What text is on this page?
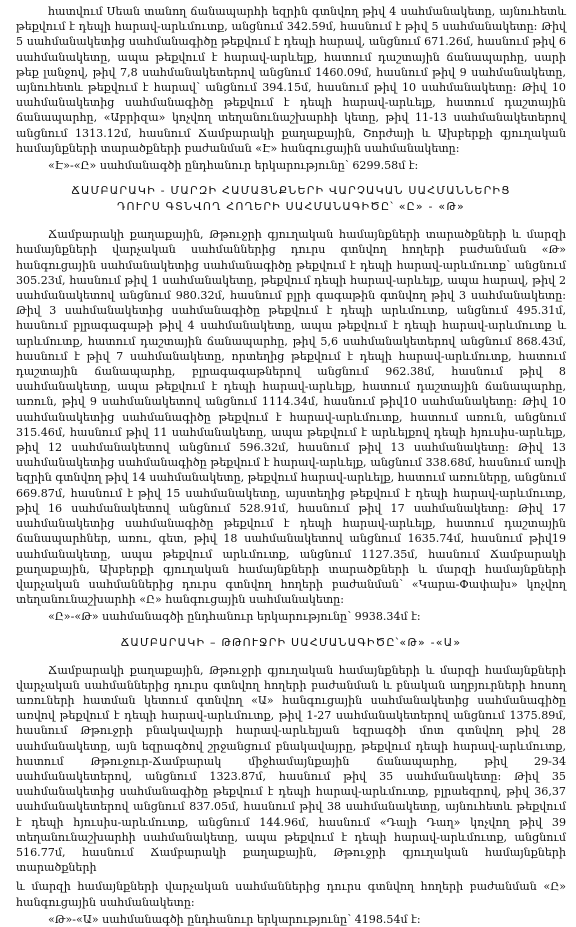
հատվում Սեան տանող ճանապարհի եզրին գտնվող թիվ 4 սահմանակետը, այնուհետև թեքվում է դեպի հարավ-արևմուտք, անցնում 342.59մ, հասնում է թիվ 5 սահմանակետը: Թիվ 5 սահմանակետից սահմանագիծը թեքվում է դեպի հարավ, անցնում 671.26մ, հասնում թիվ 6 սահմանակետը, ապա թեքվում է հարավ-արևելք, հատում դաշտային ճանապարհը, սարի թեք լանջով, թիվ 7,8 սահմանակետերով անցնում 1460.09մ, հասնում թիվ 9 սահմանակետը, այնուհետև թեքվում է հարավ՝ անցնում 394.15մ, հասնում թիվ 10 սահմանակետը: Թիվ 10 սահմանակետից սահմանագիծը թեքվում է դեպի հարավ-արևելք, հատում դաշտային ճանապարհը, «Աբրիզա» կոչվող տեղանունաշխարհի կետը, թիվ 11-13 սահմանակետերով անցնում 1313.12մ, հասնում Ճամբարակի քաղաքային, Շորժայի և Ախբերքի գյուղական համայնքների տարածքների բաժանման «Է» հանգուցային սահմանակետը:

«Է»-«Ը» սահմանագծի ընդհանուր երկարությունը՝ 6299.58մ է:

ՃԱՄԲԱՐԱԿԻ - ՄԱՐԶԻ ՀԱՄԱՅՆՔՆԵՐԻ ՎԱՐՉԱԿԱՆ ՍԱՀՄԱՆՆԵՐԻՑ
ԴՈՒՐՍ ԳՏՆՎՈՂ ՀՈՂԵՐԻ ՍԱՀՄԱՆԱԳԻԾԸ՝ «Ը» - «Թ»

Ճամբարակի քաղաքային, Թթուջրի գյուղական համայնքների տարածքների և մարզի համայնքների վարչական սահմաններից դուրս գտնվող հողերի բաժանման «Թ» հանգուցային սահմանակետից սահմանագիծը թեքվում է դեպի հարավ-արևմուտք՝ անցնում 305.23մ, հասնում թիվ 1 սահմանակետը, թեքվում դեպի հարավ-արևելք, ապա հարավ, թիվ 2 սահմանակետով անցնում 980.32մ, հասնում բլրի գագաթին գտնվող թիվ 3 սահմանակետը: Թիվ 3 սահմանակետից սահմանագիծը թեքվում է դեպի արևմուտք, անցնում 495.31մ, հասնում բլրագագաթի թիվ 4 սահմանակետը, ապա թեքվում է դեպի հարավ-արևմուտք և արևմուտք, հատում դաշտային ճանապարհը, թիվ 5,6 սահմանակետերով անցնում 868.43մ, հասնում է թիվ 7 սահմանակետը, որտեղից թեքվում է դեպի հարավ-արևմուտք, հատում դաշտային ճանապարհը, բլրագագաթներով անցնում 962.38մ, հասնում թիվ 8 սահմանակետը, ապա թեքվում է դեպի հարավ-արևելք, հատում դաշտային ճանապարհը, առուն, թիվ 9 սահմանակետով անցնում 1114.34մ, հասնում թիվ10 սահմանակետը: Թիվ 10 սահմանակետից սահմանագիծը թեքվում է հարավ-արևմուտք, հատում առուն, անցնում 315.46մ, հասնում թիվ 11 սահմանակետը, ապա թեքվում է արևելքով դեպի հյուսիս-արևելք, թիվ 12 սահմանակետով անցնում 596.32մ, հասնում թիվ 13 սահմանակետը: Թիվ 13 սահմանակետից սահմանագիծը թեքվում է հարավ-արևելք, անցնում 338.68մ, հասնում առվի եզրին գտնվող թիվ 14 սահմանակետը, թեքվում հարավ-արևելք, հատում առուները, անցնում 669.87մ, հասնում է թիվ 15 սահմանակետը, այստեղից թեքվում է դեպի հարավ-արևմուտք, թիվ 16 սահմանակետով անցնում 528.91մ, հասնում թիվ 17 սահմանակետը: Թիվ 17 սահմանակետից սահմանագիծը թեքվում է դեպի հարավ-արևելք, հատում դաշտային ճանապարհներ, առու, գետ, թիվ 18 սահմանակետով անցնում 1635.74մ, հասնում թիվ19 սահմանակետը, ապա թեքվում արևմուտք, անցնում 1127.35մ, հասնում Ճամբարակի քաղաքային, Ախբերքի գյուղական համայնքների տարածքների և մարզի համայնքների վարչական սահմաններից դուրս գտնվող հողերի բաժանման՝ «Կարա-Փափախ» կոչվող տեղանունաշխարհի «Ը» հանգուցային սահմանակետը:

«Ը»-«Թ» սահմանագծի ընդհանուր երկարությունը՝ 9938.34մ է:

ՃԱՄԲԱՐԱԿԻ – ԹԹՈՒՋՐԻ ՍԱՀՄԱՆԱԳԻԾԸ՝«Թ» -«Ա»

Ճամբարակի քաղաքային, Թթուջրի գյուղական համայնքների և մարզի համայնքների վարչական սահմաններից դուրս գտնվող հողերի բաժանման և բնական աղբյուրների հոսող առուների հատման կետում գտնվող «Ա» հանգուցային սահմանակետից սահմանագիծը առվով թեքվում է դեպի հարավ-արևմուտք, թիվ 1-27 սահմանակետերով անցնում 1375.89մ, հասնում Թթուջրի բնակավայրի հարավ-արևելյան եզրագծի մոտ գտնվող թիվ 28 սահմանակետը, այն եզրագծով շրջանցում բնակավայրը, թեքվում դեպի հարավ-արևմուտք, հատում Թթուջուր-Ճամբարակ միջհամայնքային ճանապարհը, թիվ 29-34 սահմանակետերով, անցնում 1323.87մ, հասնում թիվ 35 սահմանակետը: Թիվ 35 սահմանակետից սահմանագիծը թեքվում է դեպի հարավ-արևմուտք, բլրաեզրով, թիվ 36,37 սահմանակետերով անցնում 837.05մ, հասնում թիվ 38 սահմանակետը, այնուհետև թեքվում է դեպի հյուսիս-արևմուտք, անցնում 144.96մ, հասնում «Դալի Դաղ» կոչվող թիվ 39 տեղանունաշխարհի սահմանակետը, ապա թեքվում է դեպի հարավ-արևմուտք, անցնում 516.77մ, հասնում Ճամբարակի քաղաքային, Թթուջրի գյուղական համայնքների տարածքների

և մարզի համայնքների վարչական սահմաններից դուրս գտնվող հողերի բաժանման «Ը» հանգուցային սահմանակետը:

«Թ»-«Ա» սահմանագծի ընդհանուր երկարությունը՝ 4198.54մ է:
